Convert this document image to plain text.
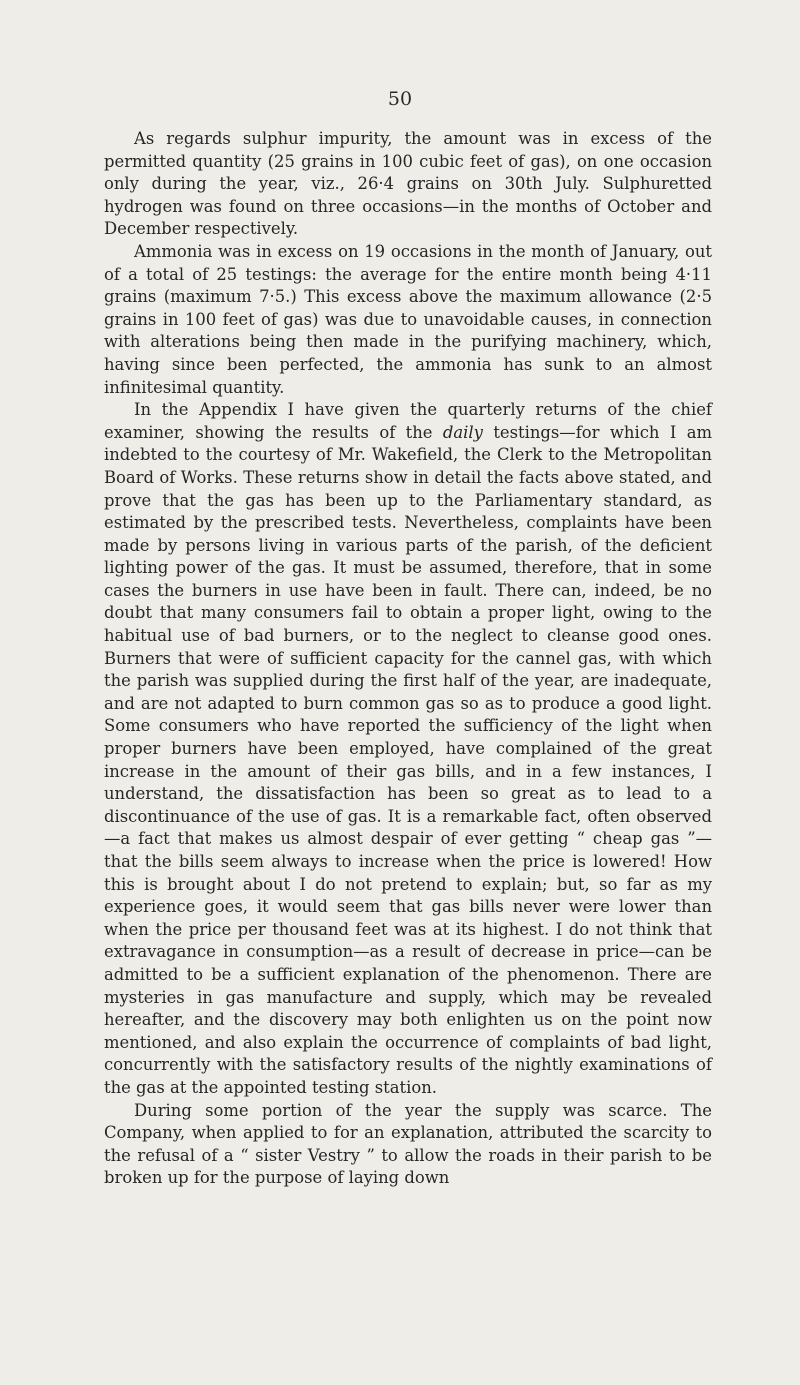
50

As regards sulphur impurity, the amount was in excess of the permitted quantity (25 grains in 100 cubic feet of gas), on one occasion only during the year, viz., 26·4 grains on 30th July. Sulphuretted hydrogen was found on three occasions—in the months of October and December respectively.

Ammonia was in excess on 19 occasions in the month of January, out of a total of 25 testings: the average for the entire month being 4·11 grains (maximum 7·5.) This excess above the maximum allowance (2·5 grains in 100 feet of gas) was due to unavoidable causes, in connection with alterations being then made in the purifying machinery, which, having since been perfected, the ammonia has sunk to an almost infinitesimal quantity.

In the Appendix I have given the quarterly returns of the chief examiner, showing the results of the daily testings—for which I am indebted to the courtesy of Mr. Wakefield, the Clerk to the Metropolitan Board of Works. These returns show in detail the facts above stated, and prove that the gas has been up to the Parliamentary standard, as estimated by the prescribed tests. Nevertheless, complaints have been made by persons living in various parts of the parish, of the deficient lighting power of the gas. It must be assumed, therefore, that in some cases the burners in use have been in fault. There can, indeed, be no doubt that many consumers fail to obtain a proper light, owing to the habitual use of bad burners, or to the neglect to cleanse good ones. Burners that were of sufficient capacity for the cannel gas, with which the parish was supplied during the first half of the year, are inadequate, and are not adapted to burn common gas so as to produce a good light. Some consumers who have reported the sufficiency of the light when proper burners have been employed, have complained of the great increase in the amount of their gas bills, and in a few instances, I understand, the dissatisfaction has been so great as to lead to a discontinuance of the use of gas. It is a remarkable fact, often observed—a fact that makes us almost despair of ever getting “ cheap gas ”— that the bills seem always to increase when the price is lowered! How this is brought about I do not pretend to explain; but, so far as my experience goes, it would seem that gas bills never were lower than when the price per thousand feet was at its highest. I do not think that extravagance in consumption—as a result of decrease in price—can be admitted to be a sufficient explanation of the phenomenon. There are mysteries in gas manufacture and supply, which may be revealed hereafter, and the discovery may both enlighten us on the point now mentioned, and also explain the occurrence of complaints of bad light, concurrently with the satisfactory results of the nightly examinations of the gas at the appointed testing station.

During some portion of the year the supply was scarce. The Company, when applied to for an explanation, attributed the scarcity to the refusal of a “ sister Vestry ” to allow the roads in their parish to be broken up for the purpose of laying down
